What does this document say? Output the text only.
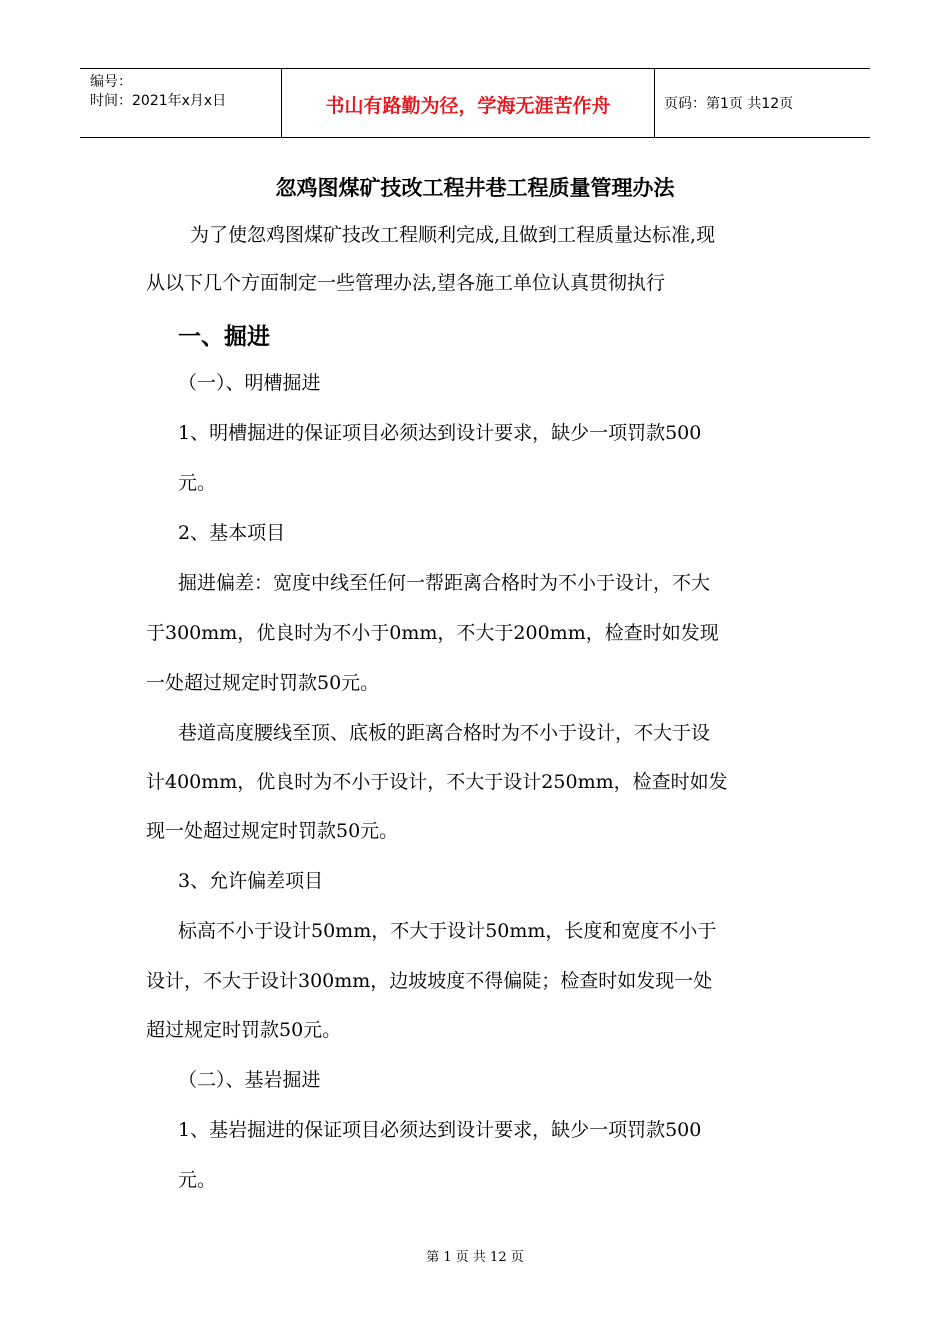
编号：
时间：2021年x月x日	书山有路勤为径，学海无涯苦作舟	页码：第1页 共12页
忽鸡图煤矿技改工程井巷工程质量管理办法
为了使忽鸡图煤矿技改工程顺利完成,且做到工程质量达标准,现
从以下几个方面制定一些管理办法,望各施工单位认真贯彻执行
一、掘进
（一）、明槽掘进
1、明槽掘进的保证项目必须达到设计要求，缺少一项罚款500
元。
2、基本项目
掘进偏差：宽度中线至任何一帮距离合格时为不小于设计，不大
于300mm，优良时为不小于0mm，不大于200mm，检查时如发现
一处超过规定时罚款50元。
巷道高度腰线至顶、底板的距离合格时为不小于设计，不大于设
计400mm，优良时为不小于设计，不大于设计250mm，检查时如发
现一处超过规定时罚款50元。
3、允许偏差项目
标高不小于设计50mm，不大于设计50mm，长度和宽度不小于
设计，不大于设计300mm，边坡坡度不得偏陡；检查时如发现一处
超过规定时罚款50元。
（二）、基岩掘进
1、基岩掘进的保证项目必须达到设计要求，缺少一项罚款500
元。
第 1 页 共 12 页
